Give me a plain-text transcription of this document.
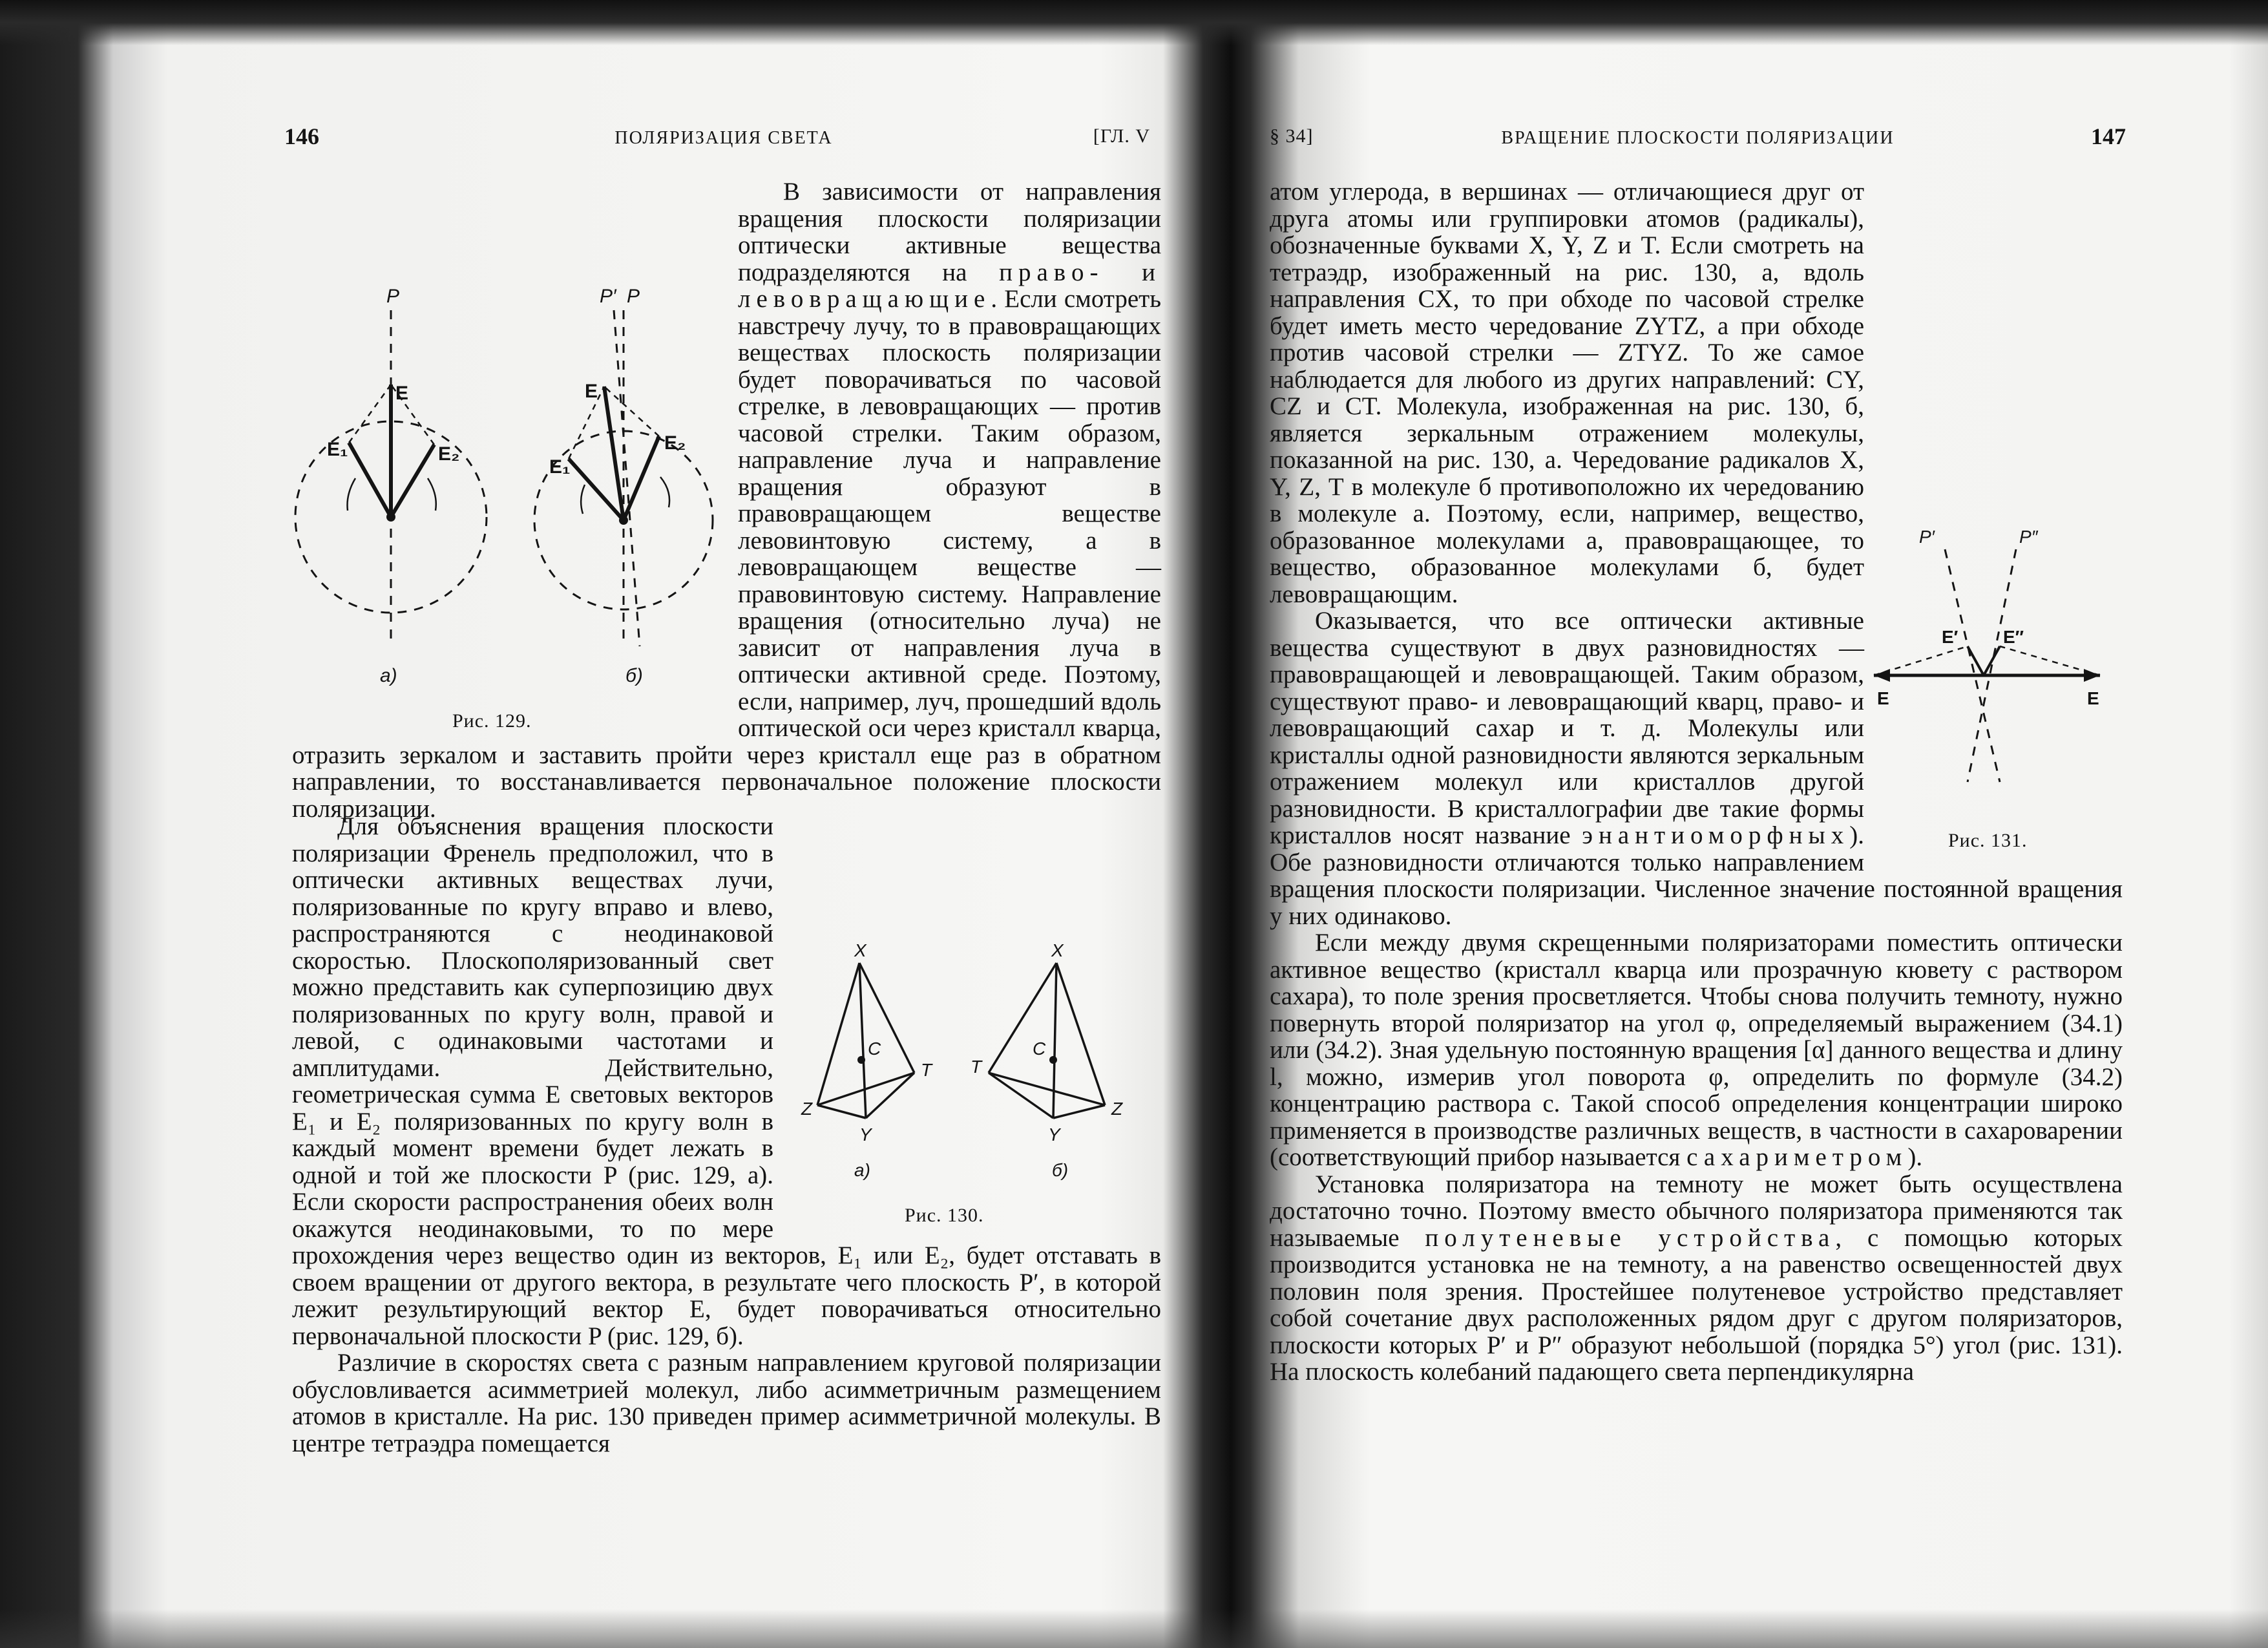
146	ПОЛЯРИЗАЦИЯ СВЕТА	[ГЛ. V

В зависимости от направления вращения плоскости поляризации оптически активные вещества подразделяются на право- и левовращающие. Если смотреть навстречу лучу, то в правовращающих веществах плоскость поляризации будет поворачиваться по часовой стрелке, в левовращающих — против часовой стрелки. Таким образом, направление луча и направление вращения образуют в правовращающем веществе левовинтовую систему, а в левовращающем веществе — правовинтовую систему. Направление вращения (относительно луча) не зависит от направления луча в оптически активной среде. Поэтому, если, например, луч, прошедший вдоль оптической оси через кристалл кварца, отразить зеркалом и заставить пройти через кристалл еще раз в обратном направлении, то восстанавливается первоначальное положение плоскости поляризации.

P
E
E₁	E₂
а)
P′ P
E
E₁
E₂
б)
Рис. 129.

Для объяснения вращения плоскости поляризации Френель предположил, что в оптически активных веществах лучи, поляризованные по кругу вправо и влево, распространяются с неодинаковой скоростью. Плоскополяризованный свет можно представить как суперпозицию двух поляризованных по кругу волн, правой и левой, с одинаковыми частотами и амплитудами. Действительно, геометрическая сумма E световых векторов E₁ и E₂ поляризованных по кругу волн в каждый момент времени будет лежать в одной и той же плоскости P (рис. 129, а). Если скорости распространения обеих волн окажутся неодинаковыми, то по мере прохождения через вещество один из векторов, E₁ или E₂, будет отставать в своем вращении от другого вектора, в результате чего плоскость P′, в которой лежит результирующий вектор E, будет поворачиваться относительно первоначальной плоскости P (рис. 129, б).

Различие в скоростях света с разным направлением круговой поляризации обусловливается асимметрией молекул, либо асимметричным размещением атомов в кристалле. На рис. 130 приведен пример асимметричной молекулы. В центре тетраэдра помещается

X
Z
T
Y
C
а)
X
T
Z
Y
C
б)
Рис. 130.
§ 34]	ВРАЩЕНИЕ ПЛОСКОСТИ ПОЛЯРИЗАЦИИ	147

атом углерода, в вершинах — отличающиеся друг от друга атомы или группировки атомов (радикалы), обозначенные буквами X, Y, Z и T. Если смотреть на тетраэдр, изображенный на рис. 130, а, вдоль направления CX, то при обходе по часовой стрелке будет иметь место чередование ZYTZ, а при обходе против часовой стрелки — ZTYZ. То же самое наблюдается для любого из других направлений: CY, CZ и CT. Молекула, изображенная на рис. 130, б, является зеркальным отражением молекулы, показанной на рис. 130, а. Чередование радикалов X, Y, Z, T в молекуле б противоположно их чередованию в молекуле а. Поэтому, если, например, вещество, образованное молекулами а, правовращающее, то вещество, образованное молекулами б, будет левовращающим.

Оказывается, что все оптически активные вещества существуют в двух разновидностях — правовращающей и левовращающей. Таким образом, существуют право- и левовращающий кварц, право- и левовращающий сахар и т. д. Молекулы или кристаллы одной разновидности являются зеркальным отражением молекул или кристаллов другой разновидности. В кристаллографии две такие формы кристаллов носят название энантиоморфных). Обе разновидности отличаются только направлением вращения плоскости поляризации. Численное значение постоянной вращения у них одинаково.

Если между двумя скрещенными поляризаторами поместить оптически активное вещество (кристалл кварца или прозрачную кювету с раствором сахара), то поле зрения просветляется. Чтобы снова получить темноту, нужно повернуть второй поляризатор на угол φ, определяемый выражением (34.1) или (34.2). Зная удельную постоянную вращения [α] данного вещества и длину l, можно, измерив угол поворота φ, определить по формуле (34.2) концентрацию раствора c. Такой способ определения концентрации широко применяется в производстве различных веществ, в частности в сахароварении (соответствующий прибор называется сахариметром).

Установка поляризатора на темноту не может быть осуществлена достаточно точно. Поэтому вместо обычного поляризатора применяются так называемые полутеневые устройства, с помощью которых производится установка не на темноту, а на равенство освещенностей двух половин поля зрения. Простейшее полутеневое устройство представляет собой сочетание двух расположенных рядом друг с другом поляризаторов, плоскости которых P′ и P″ образуют небольшой (порядка 5°) угол (рис. 131). На плоскость колебаний падающего света перпендикулярна

P′	P″
E′ E″
E	E
Рис. 131.
